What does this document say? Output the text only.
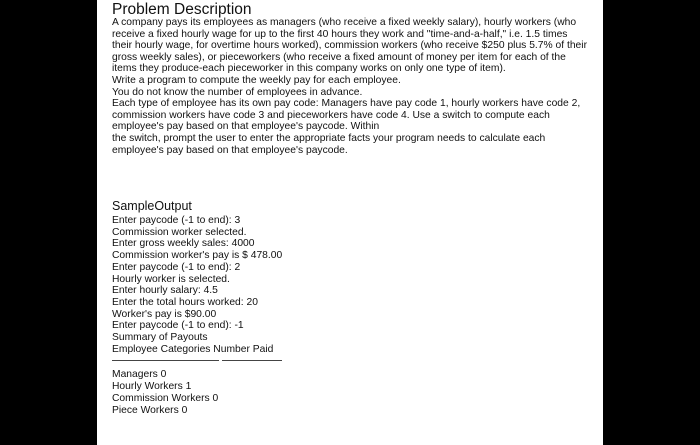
Problem Description

A company pays its employees as managers (who receive a fixed weekly salary), hourly workers (who receive a fixed hourly wage for up to the first 40 hours they work and "time-and-a-half," i.e. 1.5 times their hourly wage, for overtime hours worked), commission workers (who receive $250 plus 5.7% of their gross weekly sales), or pieceworkers (who receive a fixed amount of money per item for each of the items they produce-each pieceworker in this company works on only one type of item).

Write a program to compute the weekly pay for each employee.

You do not know the number of employees in advance.

Each type of employee has its own pay code: Managers have pay code 1, hourly workers have code 2, commission workers have code 3 and pieceworkers have code 4. Use a switch to compute each employee's pay based on that employee's paycode. Within

the switch, prompt the user to enter the appropriate facts your program needs to calculate each employee's pay based on that employee's paycode.

SampleOutput
Enter paycode (-1 to end): 3
Commission worker selected.
Enter gross weekly sales: 4000
Commission worker's pay is $ 478.00
Enter paycode (-1 to end): 2
Hourly worker is selected.
Enter hourly salary: 4.5
Enter the total hours worked: 20
Worker's pay is $90.00
Enter paycode (-1 to end): -1
Summary of Payouts
Employee Categories Number Paid
Managers 0
Hourly Workers 1
Commission Workers 0
Piece Workers 0
